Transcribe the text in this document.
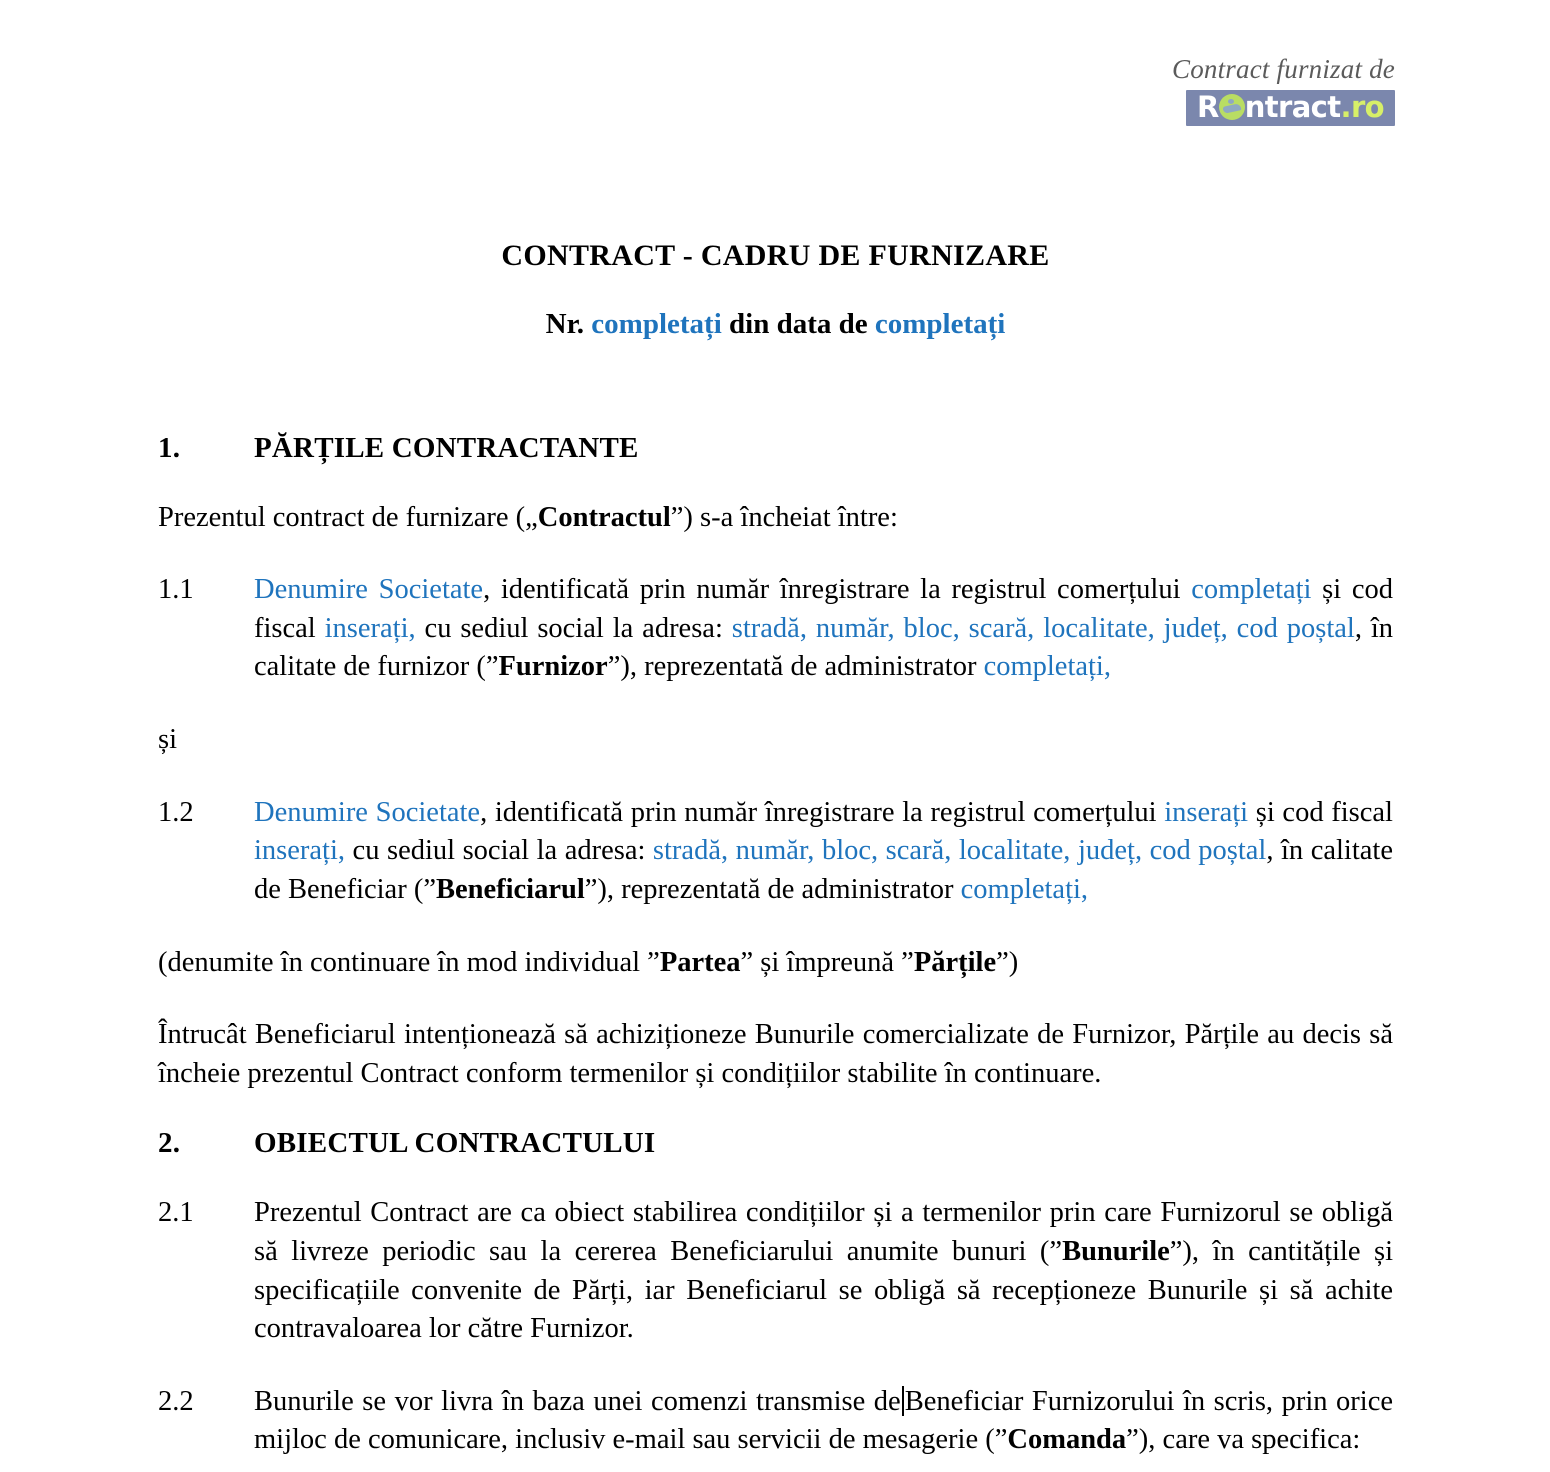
Contract furnizat de
R ntract.ro
CONTRACT - CADRU DE FURNIZARE
Nr. completați din data de completați
1.	PĂRȚILE CONTRACTANTE

Prezentul contract de furnizare („Contractul”) s-a încheiat între:

1.1	Denumire Societate, identificată prin număr înregistrare la registrul comerțului completați și cod fiscal inserați, cu sediul social la adresa: stradă, număr, bloc, scară, localitate, județ, cod poștal, în calitate de furnizor (”Furnizor”), reprezentată de administrator completați,

și

1.2	Denumire Societate, identificată prin număr înregistrare la registrul comerțului inserați și cod fiscal inserați, cu sediul social la adresa: stradă, număr, bloc, scară, localitate, județ, cod poștal, în calitate de Beneficiar (”Beneficiarul”), reprezentată de administrator completați,

(denumite în continuare în mod individual ”Partea” și împreună ”Părțile”)

Întrucât Beneficiarul intenționează să achiziționeze Bunurile comercializate de Furnizor, Părțile au decis să încheie prezentul Contract conform termenilor și condițiilor stabilite în continuare.

2.	OBIECTUL CONTRACTULUI
2.1	Prezentul Contract are ca obiect stabilirea condițiilor și a termenilor prin care Furnizorul se obligă să livreze periodic sau la cererea Beneficiarului anumite bunuri (”Bunurile”), în cantitățile și specificațiile convenite de Părți, iar Beneficiarul se obligă să recepționeze Bunurile și să achite contravaloarea lor către Furnizor.
2.2	Bunurile se vor livra în baza unei comenzi transmise de Beneficiar Furnizorului în scris, prin orice mijloc de comunicare, inclusiv e-mail sau servicii de mesagerie (”Comanda”), care va specifica:
